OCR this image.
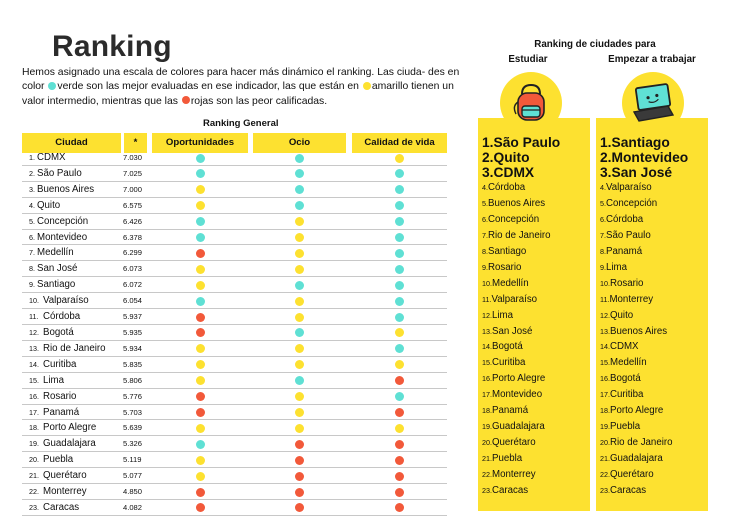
Ranking

Hemos asignado una escala de colores para hacer más dinámico el ranking. Las ciuda- des en color verde son las mejor evaluadas en ese indicador, las que están en amarillo tienen un valor intermedio, mientras que las rojas son las peor calificadas.

Ranking General
Ciudad	*	Oportunidades	Ocio	Calidad de vida
1. CDMX	7.030
2. São Paulo	7.025
3. Buenos Aires	7.000
4. Quito	6.575
5. Concepción	6.426
6. Montevideo	6.378
7. Medellín	6.299
8. San José	6.073
9. Santiago	6.072
10. Valparaíso	6.054
11. Córdoba	5.937
12. Bogotá	5.935
13. Rio de Janeiro 5.934
14. Curitiba	5.835
15. Lima	5.806
16. Rosario	5.776
17. Panamá	5.703
18. Porto Alegre	5.639
19. Guadalajara	5.326
20. Puebla	5.119
21. Querétaro	5.077
22. Monterrey	4.850
23. Caracas	4.082
Ranking de ciudades para
Estudiar	Empezar a trabajar
1.São Paulo
2.Quito
3.CDMX
4.Córdoba
5.Buenos Aires
6.Concepción
7.Rio de Janeiro
8.Santiago
9.Rosario
10.Medellín
11.Valparaíso
12.Lima
13.San José
14.Bogotá
15.Curitiba
16.Porto Alegre
17.Montevideo
18.Panamá
19.Guadalajara
20.Querétaro
21.Puebla
22.Monterrey
23.Caracas
1.Santiago
2.Montevideo
3.San José
4.Valparaíso
5.Concepción
6.Córdoba
7.São Paulo
8.Panamá
9.Lima
10.Rosario
11.Monterrey
12.Quito
13.Buenos Aires
14.CDMX
15.Medellín
16.Bogotá
17.Curitiba
18.Porto Alegre
19.Puebla
20.Rio de Janeiro
21.Guadalajara
22.Querétaro
23.Caracas
